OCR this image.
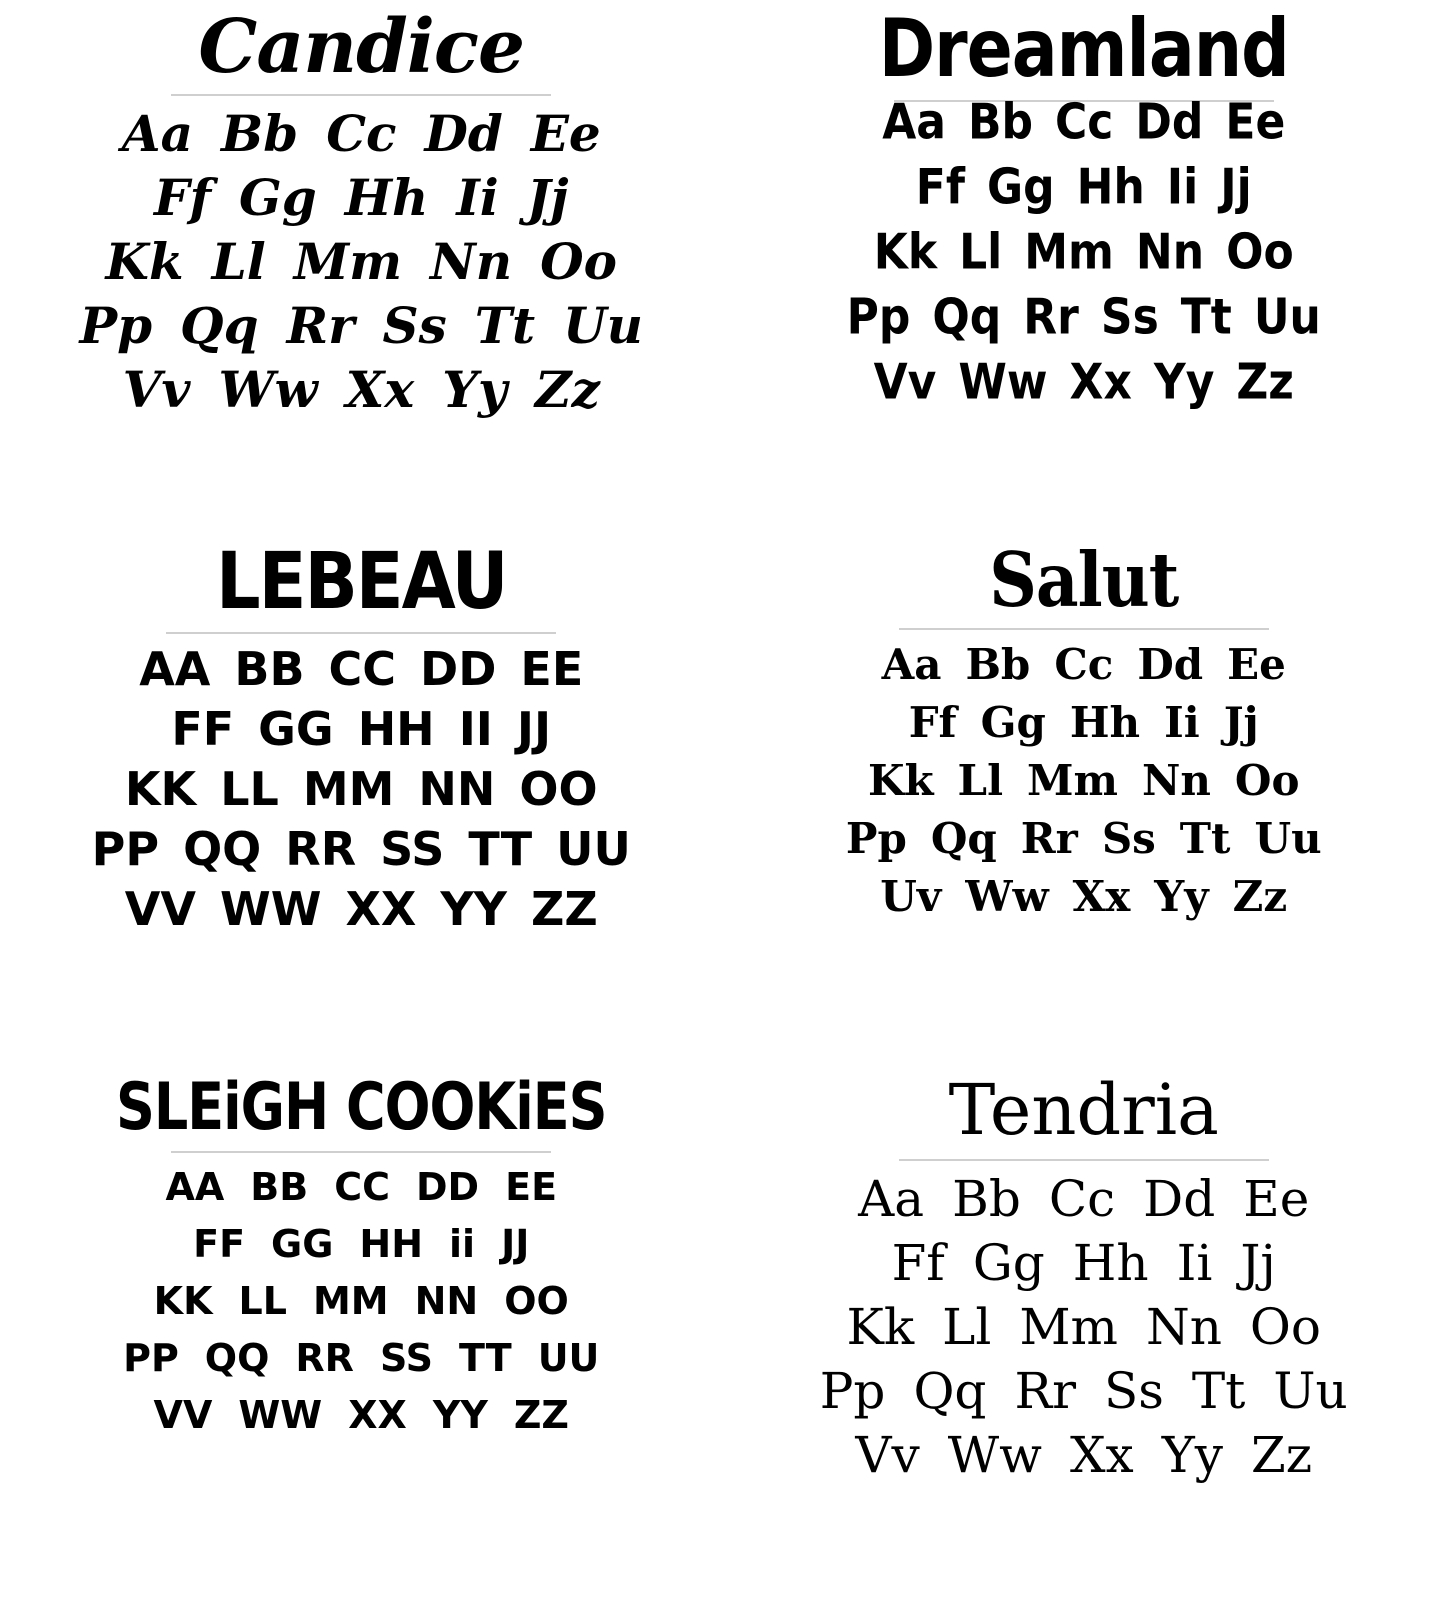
Candice
Aa Bb Cc Dd Ee
Ff Gg Hh Ii Jj
Kk Ll Mm Nn Oo
Pp Qq Rr Ss Tt Uu
Vv Ww Xx Yy Zz
Dreamland
Aa Bb Cc Dd Ee
Ff Gg Hh Ii Jj
Kk Ll Mm Nn Oo
Pp Qq Rr Ss Tt Uu
Vv Ww Xx Yy Zz
LEBEAU
AA BB CC DD EE
FF GG HH II JJ
KK LL MM NN OO
PP QQ RR SS TT UU
VV WW XX YY ZZ
Salut
Aa Bb Cc Dd Ee
Ff Gg Hh Ii Jj
Kk Ll Mm Nn Oo
Pp Qq Rr Ss Tt Uu
Uv Ww Xx Yy Zz
SLEiGH COOKiES
AA BB CC DD EE
FF GG HH ii JJ
KK LL MM NN OO
PP QQ RR SS TT UU
VV WW XX YY ZZ
Tendria
Aa Bb Cc Dd Ee
Ff Gg Hh Ii Jj
Kk Ll Mm Nn Oo
Pp Qq Rr Ss Tt Uu
Vv Ww Xx Yy Zz
